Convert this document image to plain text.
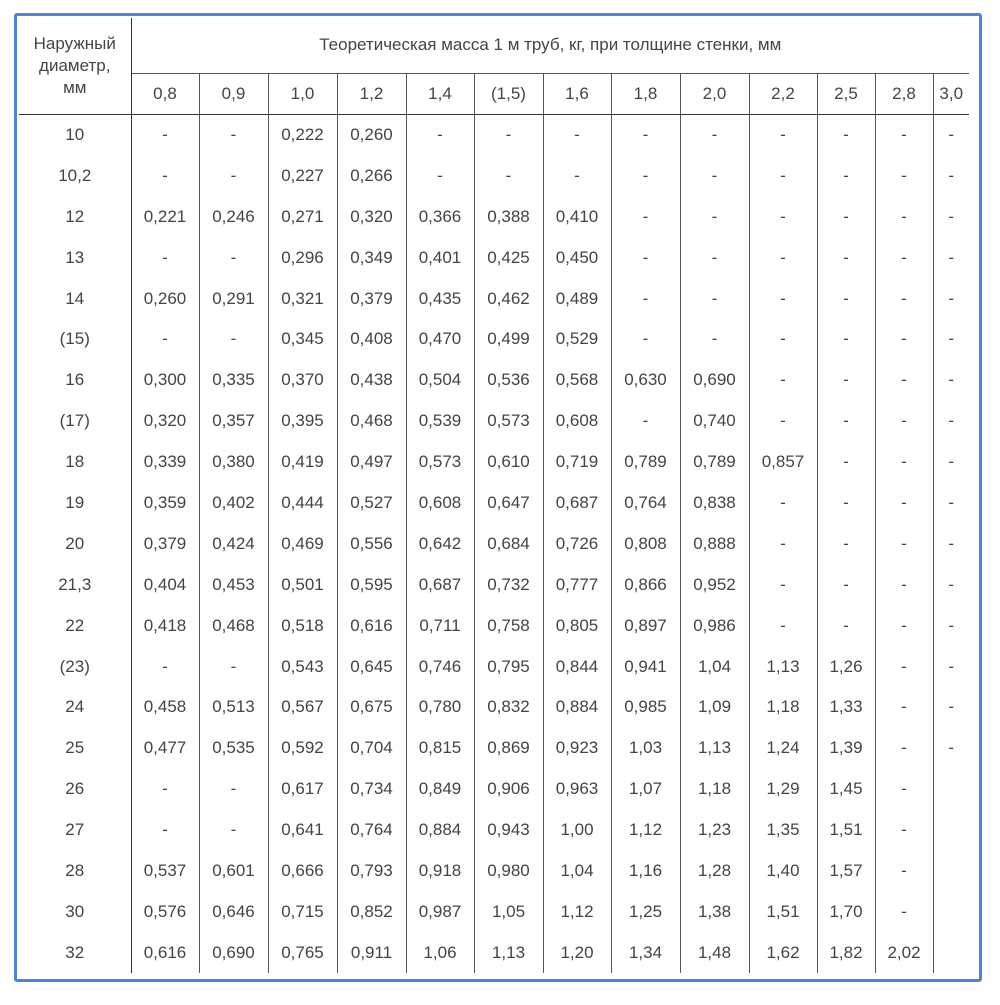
Наружный
диаметр,
мм	Теоретическая масса 1 м труб, кг, при толщине стенки, мм												
	0,8	0,9	1,0	1,2	1,4	(1,5)	1,6	1,8	2,0	2,2	2,5	2,8	3,0
10	-	-	0,222	0,260	-	-	-	-	-	-	-	-	-
10,2	-	-	0,227	0,266	-	-	-	-	-	-	-	-	-
12	0,221	0,246	0,271	0,320	0,366	0,388	0,410	-	-	-	-	-	-
13	-	-	0,296	0,349	0,401	0,425	0,450	-	-	-	-	-	-
14	0,260	0,291	0,321	0,379	0,435	0,462	0,489	-	-	-	-	-	-
(15)	-	-	0,345	0,408	0,470	0,499	0,529	-	-	-	-	-	-
16	0,300	0,335	0,370	0,438	0,504	0,536	0,568	0,630	0,690	-	-	-	-
(17)	0,320	0,357	0,395	0,468	0,539	0,573	0,608	-	0,740	-	-	-	-
18	0,339	0,380	0,419	0,497	0,573	0,610	0,719	0,789	0,789	0,857	-	-	-
19	0,359	0,402	0,444	0,527	0,608	0,647	0,687	0,764	0,838	-	-	-	-
20	0,379	0,424	0,469	0,556	0,642	0,684	0,726	0,808	0,888	-	-	-	-
21,3	0,404	0,453	0,501	0,595	0,687	0,732	0,777	0,866	0,952	-	-	-	-
22	0,418	0,468	0,518	0,616	0,711	0,758	0,805	0,897	0,986	-	-	-	-
(23)	-	-	0,543	0,645	0,746	0,795	0,844	0,941	1,04	1,13	1,26	-	-
24	0,458	0,513	0,567	0,675	0,780	0,832	0,884	0,985	1,09	1,18	1,33	-	-
25	0,477	0,535	0,592	0,704	0,815	0,869	0,923	1,03	1,13	1,24	1,39	-	-
26	-	-	0,617	0,734	0,849	0,906	0,963	1,07	1,18	1,29	1,45	-	
27	-	-	0,641	0,764	0,884	0,943	1,00	1,12	1,23	1,35	1,51	-	
28	0,537	0,601	0,666	0,793	0,918	0,980	1,04	1,16	1,28	1,40	1,57	-	
30	0,576	0,646	0,715	0,852	0,987	1,05	1,12	1,25	1,38	1,51	1,70	-	
32	0,616	0,690	0,765	0,911	1,06	1,13	1,20	1,34	1,48	1,62	1,82	2,02	
